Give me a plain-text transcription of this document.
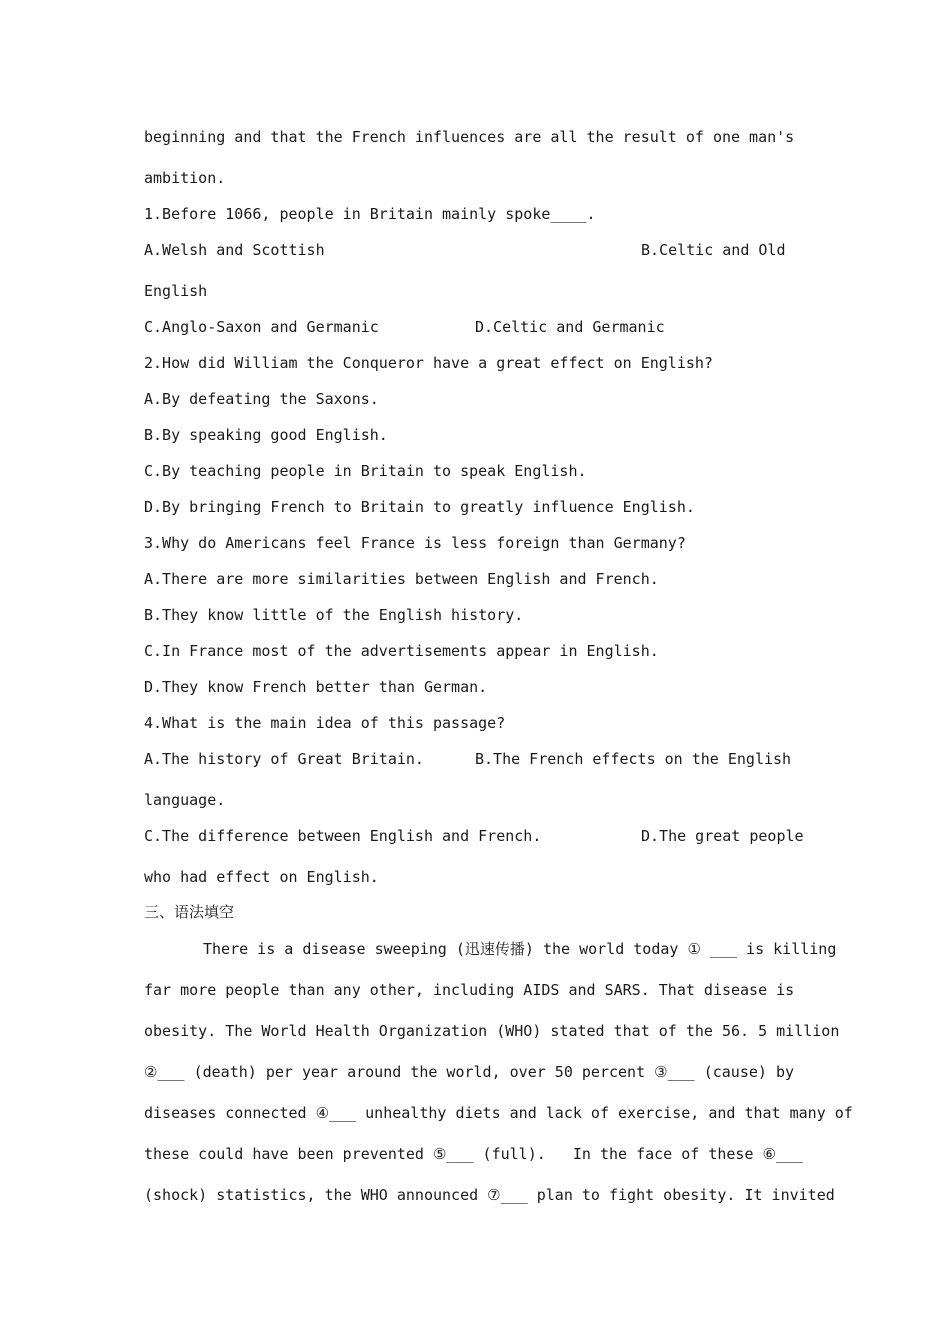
beginning and that the French influences are all the result of one man's
ambition.
1.Before 1066, people in Britain mainly spoke____.
A.Welsh and Scottish	B.Celtic and Old
English
C.Anglo-Saxon and Germanic	D.Celtic and Germanic
2.How did William the Conqueror have a great effect on English?
A.By defeating the Saxons.
B.By speaking good English.
C.By teaching people in Britain to speak English.
D.By bringing French to Britain to greatly influence English.
3.Why do Americans feel France is less foreign than Germany?
A.There are more similarities between English and French.
B.They know little of the English history.
C.In France most of the advertisements appear in English.
D.They know French better than German.
4.What is the main idea of this passage?
A.The history of Great Britain.	B.The French effects on the English
language.
C.The difference between English and French.	D.The great people
who had effect on English.
三、语法填空
There is a disease sweeping (迅速传播) the world today ① ___ is killing
far more people than any other, including AIDS and SARS. That disease is
obesity. The World Health Organization (WHO) stated that of the 56. 5 million
②___ (death) per year around the world, over 50 percent ③___ (cause) by
diseases connected ④___ unhealthy diets and lack of exercise, and that many of
these could have been prevented ⑤___ (full).   In the face of these ⑥___
(shock) statistics, the WHO announced ⑦___ plan to fight obesity. It invited
